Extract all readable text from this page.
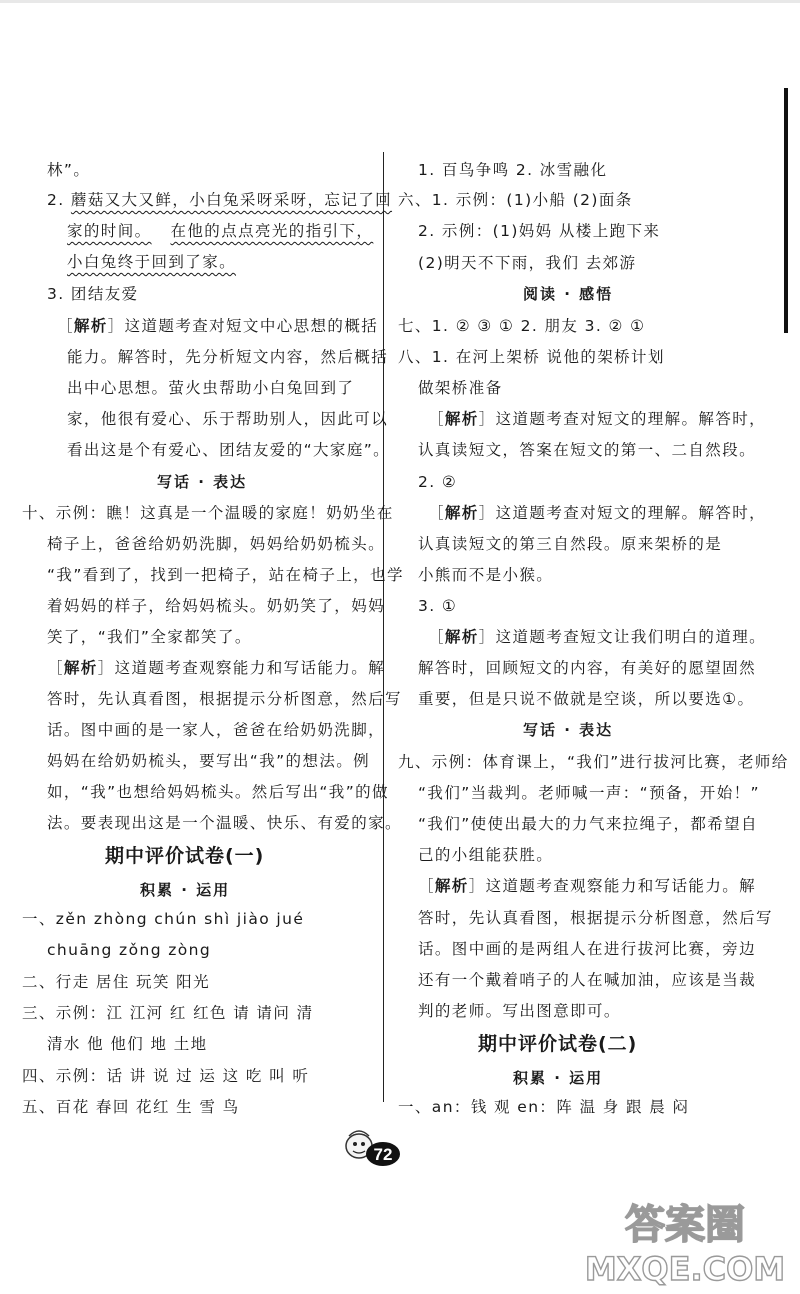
林”。
2. 蘑菇又大又鲜，小白兔采呀采呀，忘记了回
家的时间。 在他的点点亮光的指引下，
小白兔终于回到了家。
3. 团结友爱
［解析］这道题考查对短文中心思想的概括
能力。解答时，先分析短文内容，然后概括
出中心思想。萤火虫帮助小白兔回到了
家，他很有爱心、乐于帮助别人，因此可以
看出这是个有爱心、团结友爱的“大家庭”。
写话 · 表达
十、示例：瞧！这真是一个温暖的家庭！奶奶坐在
椅子上，爸爸给奶奶洗脚，妈妈给奶奶梳头。
“我”看到了，找到一把椅子，站在椅子上，也学
着妈妈的样子，给妈妈梳头。奶奶笑了，妈妈
笑了，“我们”全家都笑了。
［解析］这道题考查观察能力和写话能力。解
答时，先认真看图，根据提示分析图意，然后写
话。图中画的是一家人，爸爸在给奶奶洗脚，
妈妈在给奶奶梳头，要写出“我”的想法。例
如，“我”也想给妈妈梳头。然后写出“我”的做
法。要表现出这是一个温暖、快乐、有爱的家。
期中评价试卷(一)
积累 · 运用
一、zěn zhòng chún shì jiào jué
chuāng zǒng zòng
二、行走 居住 玩笑 阳光
三、示例：江 江河 红 红色 请 请问 清
清水 他 他们 地 土地
四、示例：话 讲 说 过 运 这 吃 叫 听
五、百花 春回 花红 生 雪 鸟
1. 百鸟争鸣 2. 冰雪融化
六、1. 示例：(1)小船 (2)面条
2. 示例：(1)妈妈 从楼上跑下来
(2)明天不下雨，我们 去郊游
阅读 · 感悟
七、1. ② ③ ① 2. 朋友 3. ② ①
八、1. 在河上架桥 说他的架桥计划
做架桥准备
［解析］这道题考查对短文的理解。解答时，
认真读短文，答案在短文的第一、二自然段。
2. ②
［解析］这道题考查对短文的理解。解答时，
认真读短文的第三自然段。原来架桥的是
小熊而不是小猴。
3. ①
［解析］这道题考查短文让我们明白的道理。
解答时，回顾短文的内容，有美好的愿望固然
重要，但是只说不做就是空谈，所以要选①。
写话 · 表达
九、示例：体育课上，“我们”进行拔河比赛，老师给
“我们”当裁判。老师喊一声：“预备，开始！”
“我们”使使出最大的力气来拉绳子，都希望自
己的小组能获胜。
［解析］这道题考查观察能力和写话能力。解
答时，先认真看图，根据提示分析图意，然后写
话。图中画的是两组人在进行拔河比赛，旁边
还有一个戴着哨子的人在喊加油，应该是当裁
判的老师。写出图意即可。
期中评价试卷(二)
积累 · 运用
一、an：钱 观 en：阵 温 身 跟 晨 闷
72
答案圈
MXQE.COM
